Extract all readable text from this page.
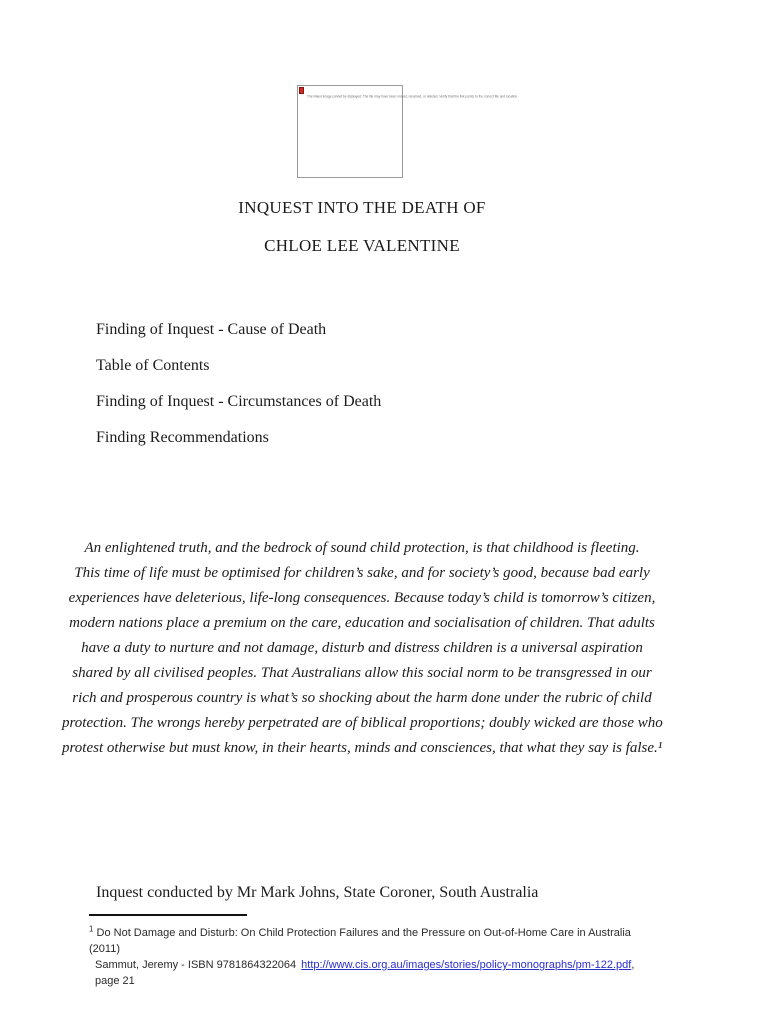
The linked image cannot be displayed. The file may have been moved, renamed, or deleted. Verify that the link points to the correct file and location.
INQUEST INTO THE DEATH OF
CHLOE LEE VALENTINE
Finding of Inquest - Cause of Death
Table of Contents
Finding of Inquest - Circumstances of Death
Finding Recommendations
An enlightened truth, and the bedrock of sound child protection, is that childhood is fleeting.
This time of life must be optimised for children’s sake, and for society’s good, because bad early
experiences have deleterious, life-long consequences. Because today’s child is tomorrow’s citizen,
modern nations place a premium on the care, education and socialisation of children. That adults
have a duty to nurture and not damage, disturb and distress children is a universal aspiration
shared by all civilised peoples. That Australians allow this social norm to be transgressed in our
rich and prosperous country is what’s so shocking about the harm done under the rubric of child
protection. The wrongs hereby perpetrated are of biblical proportions; doubly wicked are those who
protest otherwise but must know, in their hearts, minds and consciences, that what they say is false.¹
Inquest conducted by Mr Mark Johns, State Coroner, South Australia
$^1$ Do Not Damage and Disturb: On Child Protection Failures and the Pressure on Out-of-Home Care in Australia (2011)
Sammut, Jeremy - ISBN 9781864322064 http://www.cis.org.au/images/stories/policy-monographs/pm-122.pdf, page 21
